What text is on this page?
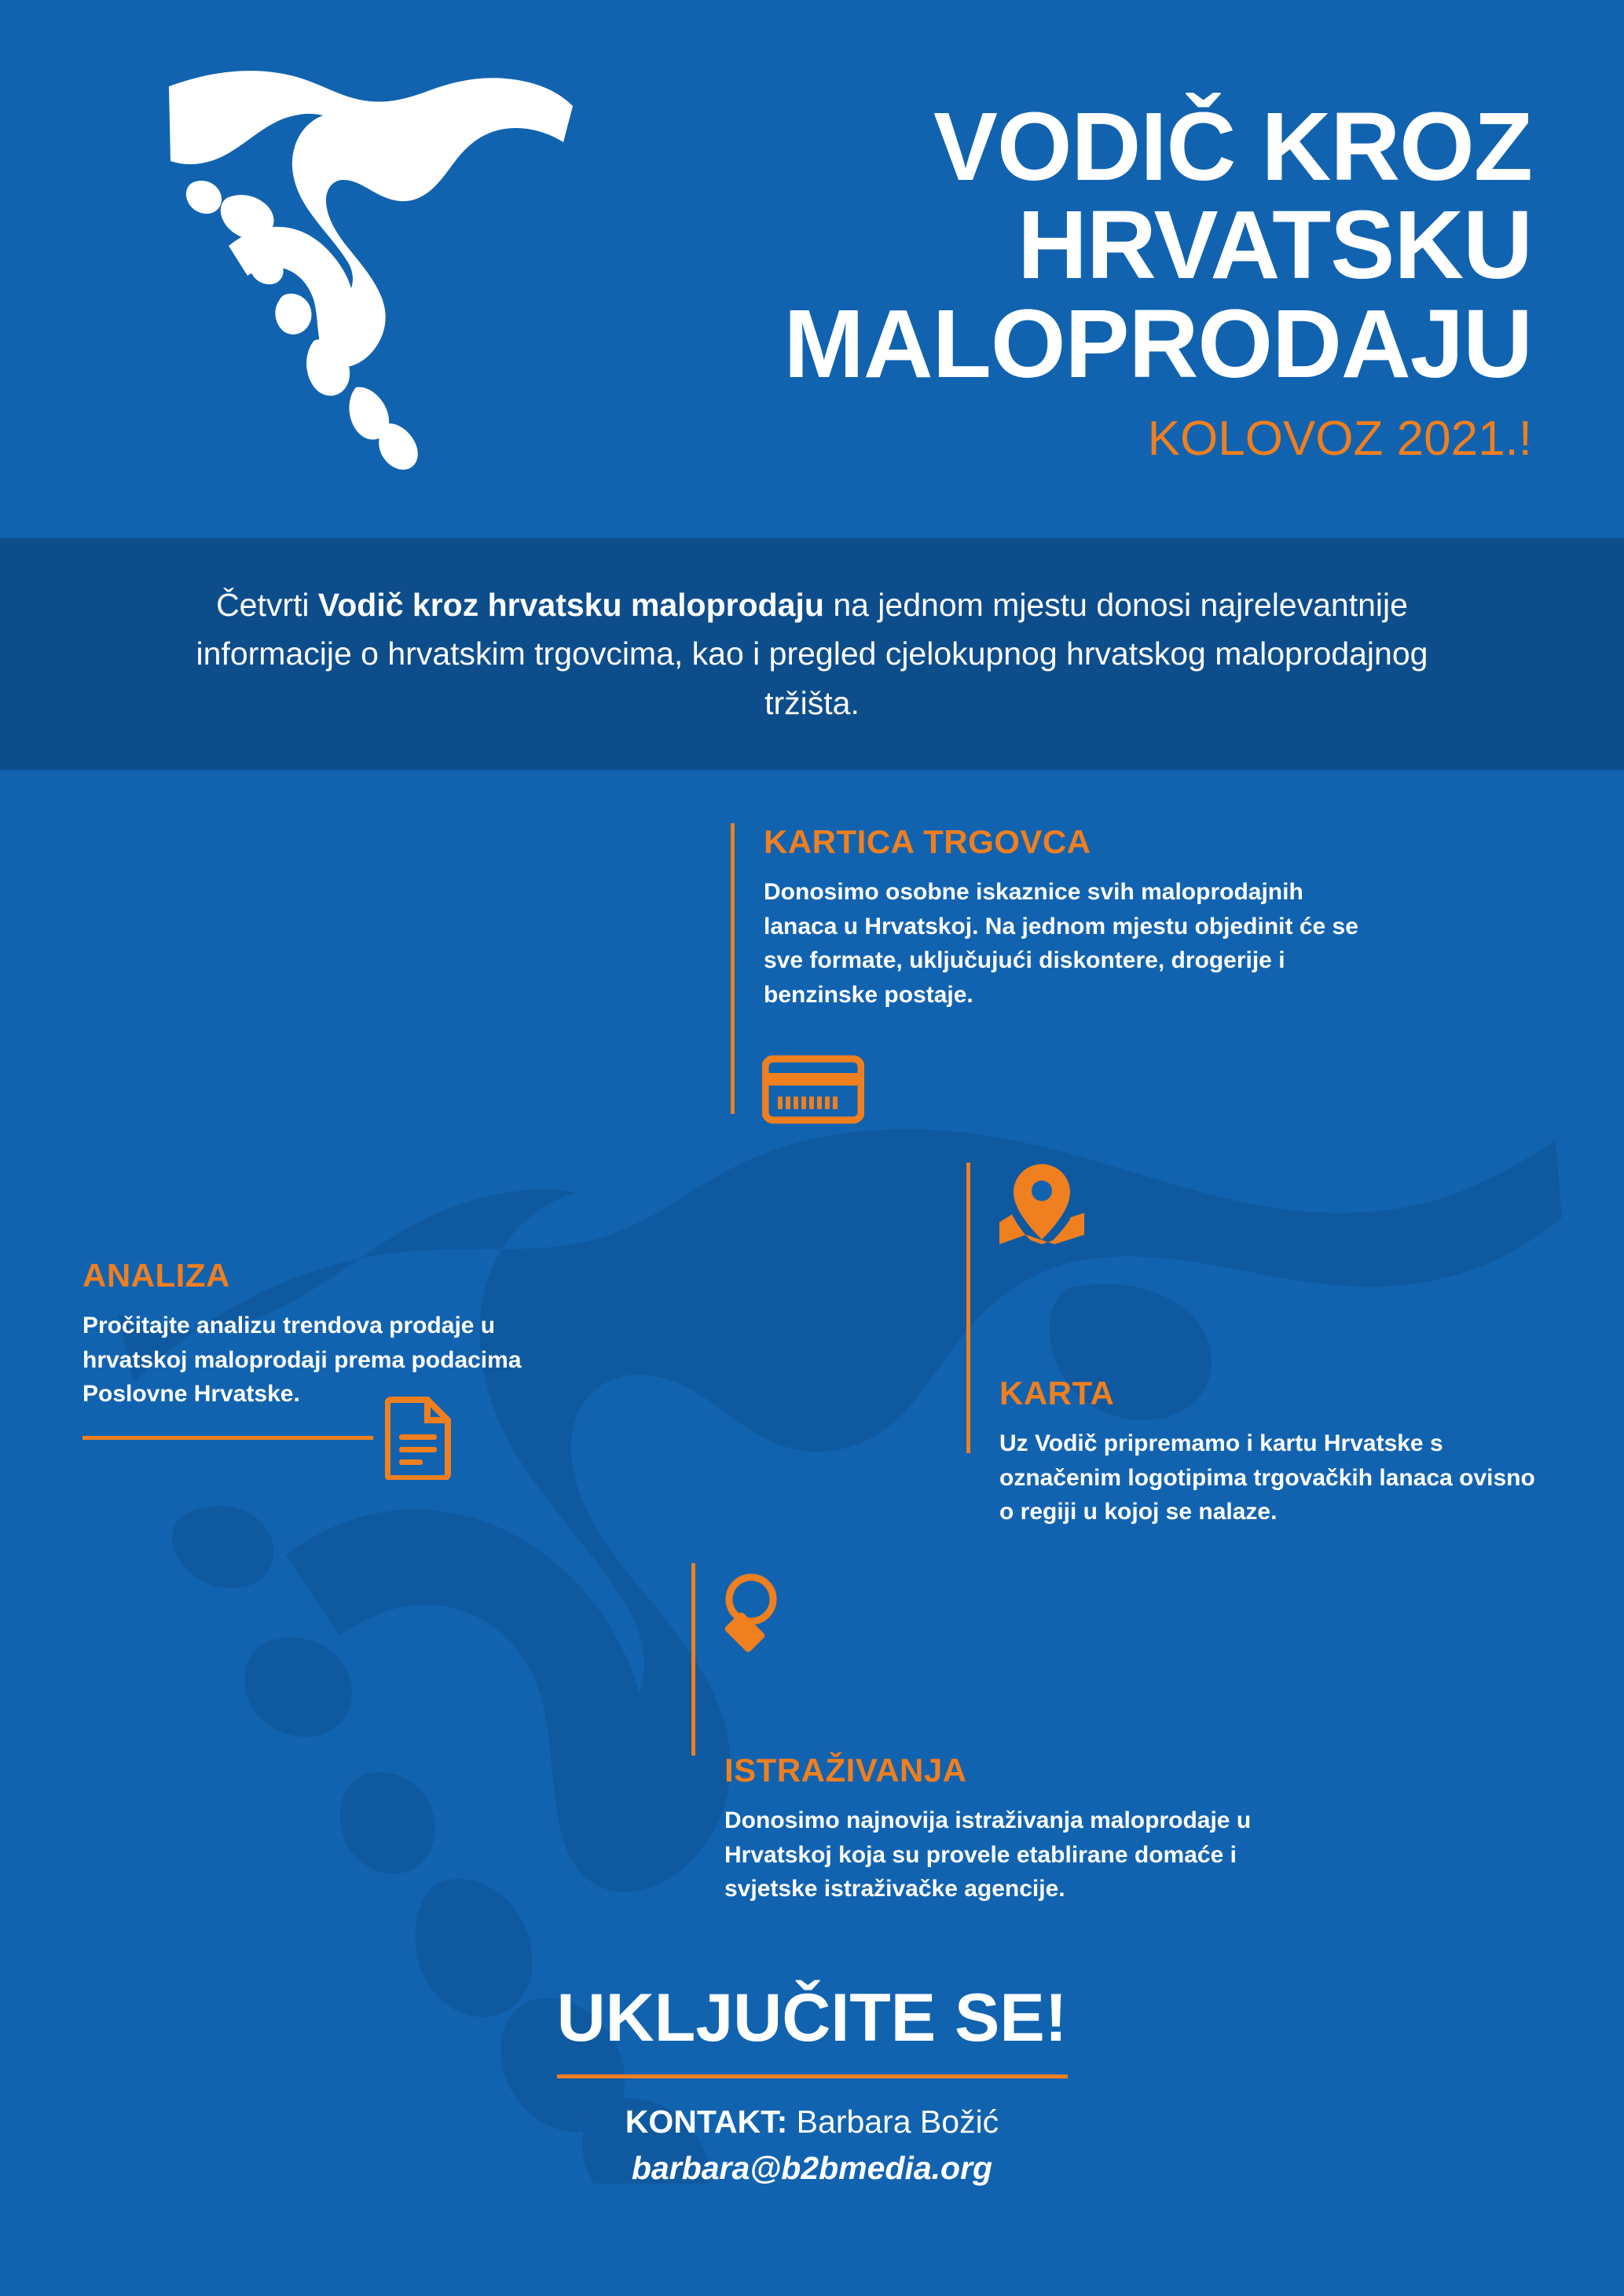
VODIČ KROZ
HRVATSKU
MALOPRODAJU
KOLOVOZ 2021.!
Četvrti Vodič kroz hrvatsku maloprodaju na jednom mjestu donosi najrelevantnije informacije o hrvatskim trgovcima, kao i pregled cjelokupnog hrvatskog maloprodajnog tržišta.
KARTICA TRGOVCA
Donosimo osobne iskaznice svih maloprodajnih lanaca u Hrvatskoj. Na jednom mjestu objedinit će se sve formate, uključujući diskontere, drogerije i benzinske postaje.
KARTA
Uz Vodič pripremamo i kartu Hrvatske s označenim logotipima trgovačkih lanaca ovisno o regiji u kojoj se nalaze.
ANALIZA
Pročitajte analizu trendova prodaje u hrvatskoj maloprodaji prema podacima Poslovne Hrvatske.
ISTRAŽIVANJA
Donosimo najnovija istraživanja maloprodaje u Hrvatskoj koja su provele etablirane domaće i svjetske istraživačke agencije.
UKLJUČITE SE!
KONTAKT: Barbara Božić
barbara@b2bmedia.org
